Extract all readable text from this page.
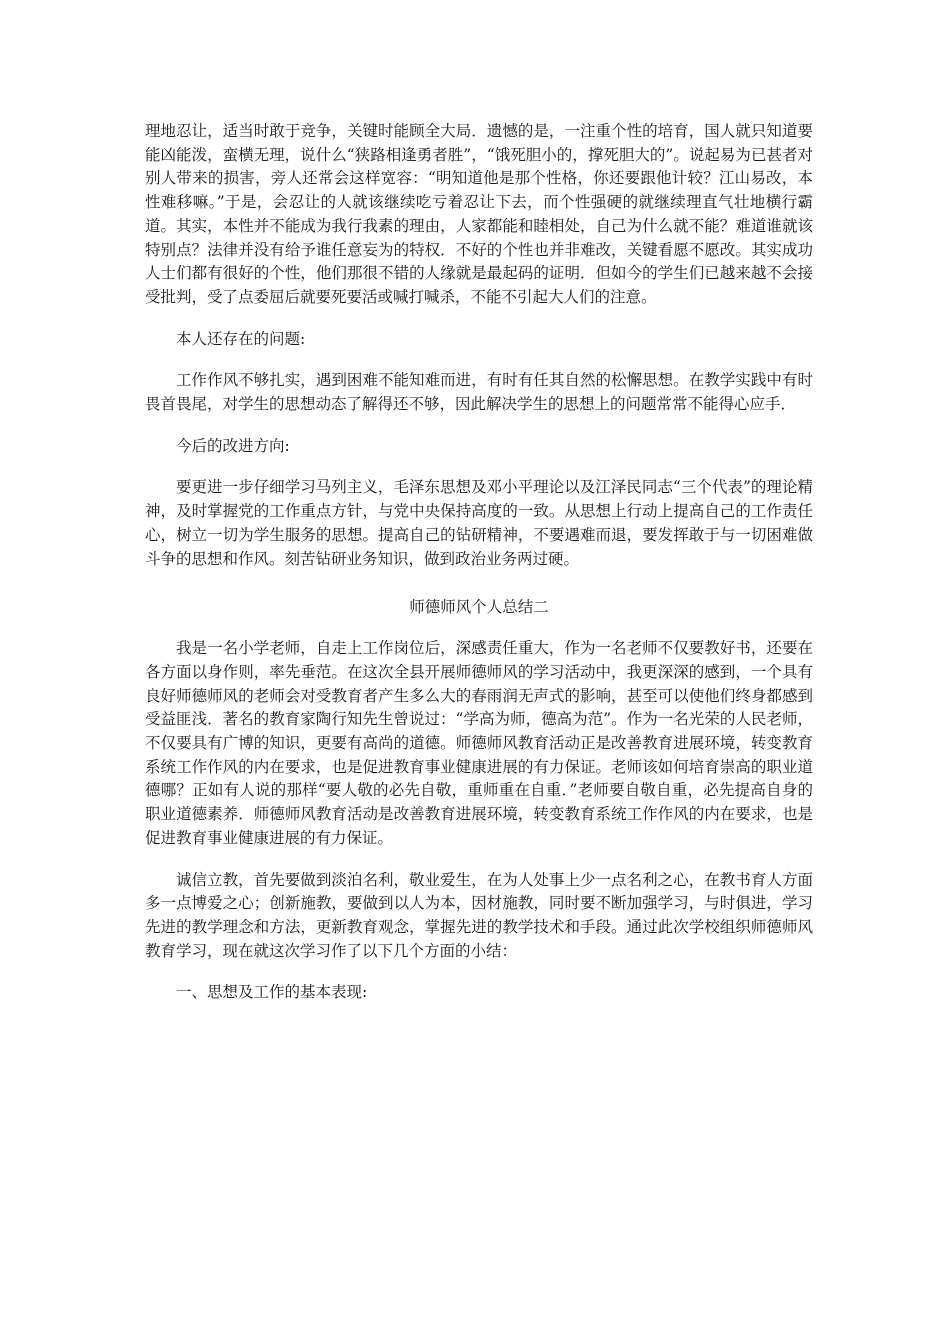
理地忍让，适当时敢于竞争，关键时能顾全大局．遗憾的是，一注重个性的培育，国人就只知道要能凶能泼，蛮横无理，说什么“狭路相逢勇者胜”，“饿死胆小的，撑死胆大的”。说起易为已甚者对别人带来的损害，旁人还常会这样宽容：“明知道他是那个性格，你还要跟他计较？江山易改，本性难移嘛。”于是，会忍让的人就该继续吃亏着忍让下去，而个性强硬的就继续理直气壮地横行霸道。其实，本性并不能成为我行我素的理由，人家都能和睦相处，自己为什么就不能？难道谁就该特别点？法律并没有给予谁任意妄为的特权．不好的个性也并非难改，关键看愿不愿改。其实成功人士们都有很好的个性，他们那很不错的人缘就是最起码的证明．但如今的学生们已越来越不会接受批判，受了点委屈后就要死要活或喊打喊杀，不能不引起大人们的注意。

本人还存在的问题:

工作作风不够扎实，遇到困难不能知难而进，有时有任其自然的松懈思想。在教学实践中有时畏首畏尾，对学生的思想动态了解得还不够，因此解决学生的思想上的问题常常不能得心应手．

今后的改进方向:

要更进一步仔细学习马列主义，毛泽东思想及邓小平理论以及江泽民同志“三个代表”的理论精神，及时掌握党的工作重点方针，与党中央保持高度的一致。从思想上行动上提高自己的工作责任心，树立一切为学生服务的思想。提高自己的钻研精神，不要遇难而退，要发挥敢于与一切困难做斗争的思想和作风。刻苦钻研业务知识，做到政治业务两过硬。

师德师风个人总结二

我是一名小学老师，自走上工作岗位后，深感责任重大，作为一名老师不仅要教好书，还要在各方面以身作则，率先垂范。在这次全县开展师德师风的学习活动中，我更深深的感到，一个具有良好师德师风的老师会对受教育者产生多么大的春雨润无声式的影响，甚至可以使他们终身都感到受益匪浅．著名的教育家陶行知先生曾说过：“学高为师，德高为范”。作为一名光荣的人民老师，不仅要具有广博的知识，更要有高尚的道德。师德师风教育活动正是改善教育进展环境，转变教育系统工作作风的内在要求，也是促进教育事业健康进展的有力保证。老师该如何培育崇高的职业道德哪？正如有人说的那样“要人敬的必先自敬，重师重在自重．”老师要自敬自重，必先提高自身的职业道德素养．师德师风教育活动是改善教育进展环境，转变教育系统工作作风的内在要求，也是促进教育事业健康进展的有力保证。

诚信立教，首先要做到淡泊名利，敬业爱生，在为人处事上少一点名利之心，在教书育人方面多一点博爱之心；创新施教，要做到以人为本，因材施教，同时要不断加强学习，与时俱进，学习先进的教学理念和方法，更新教育观念，掌握先进的教学技术和手段。通过此次学校组织师德师风教育学习，现在就这次学习作了以下几个方面的小结：

一、思想及工作的基本表现:
